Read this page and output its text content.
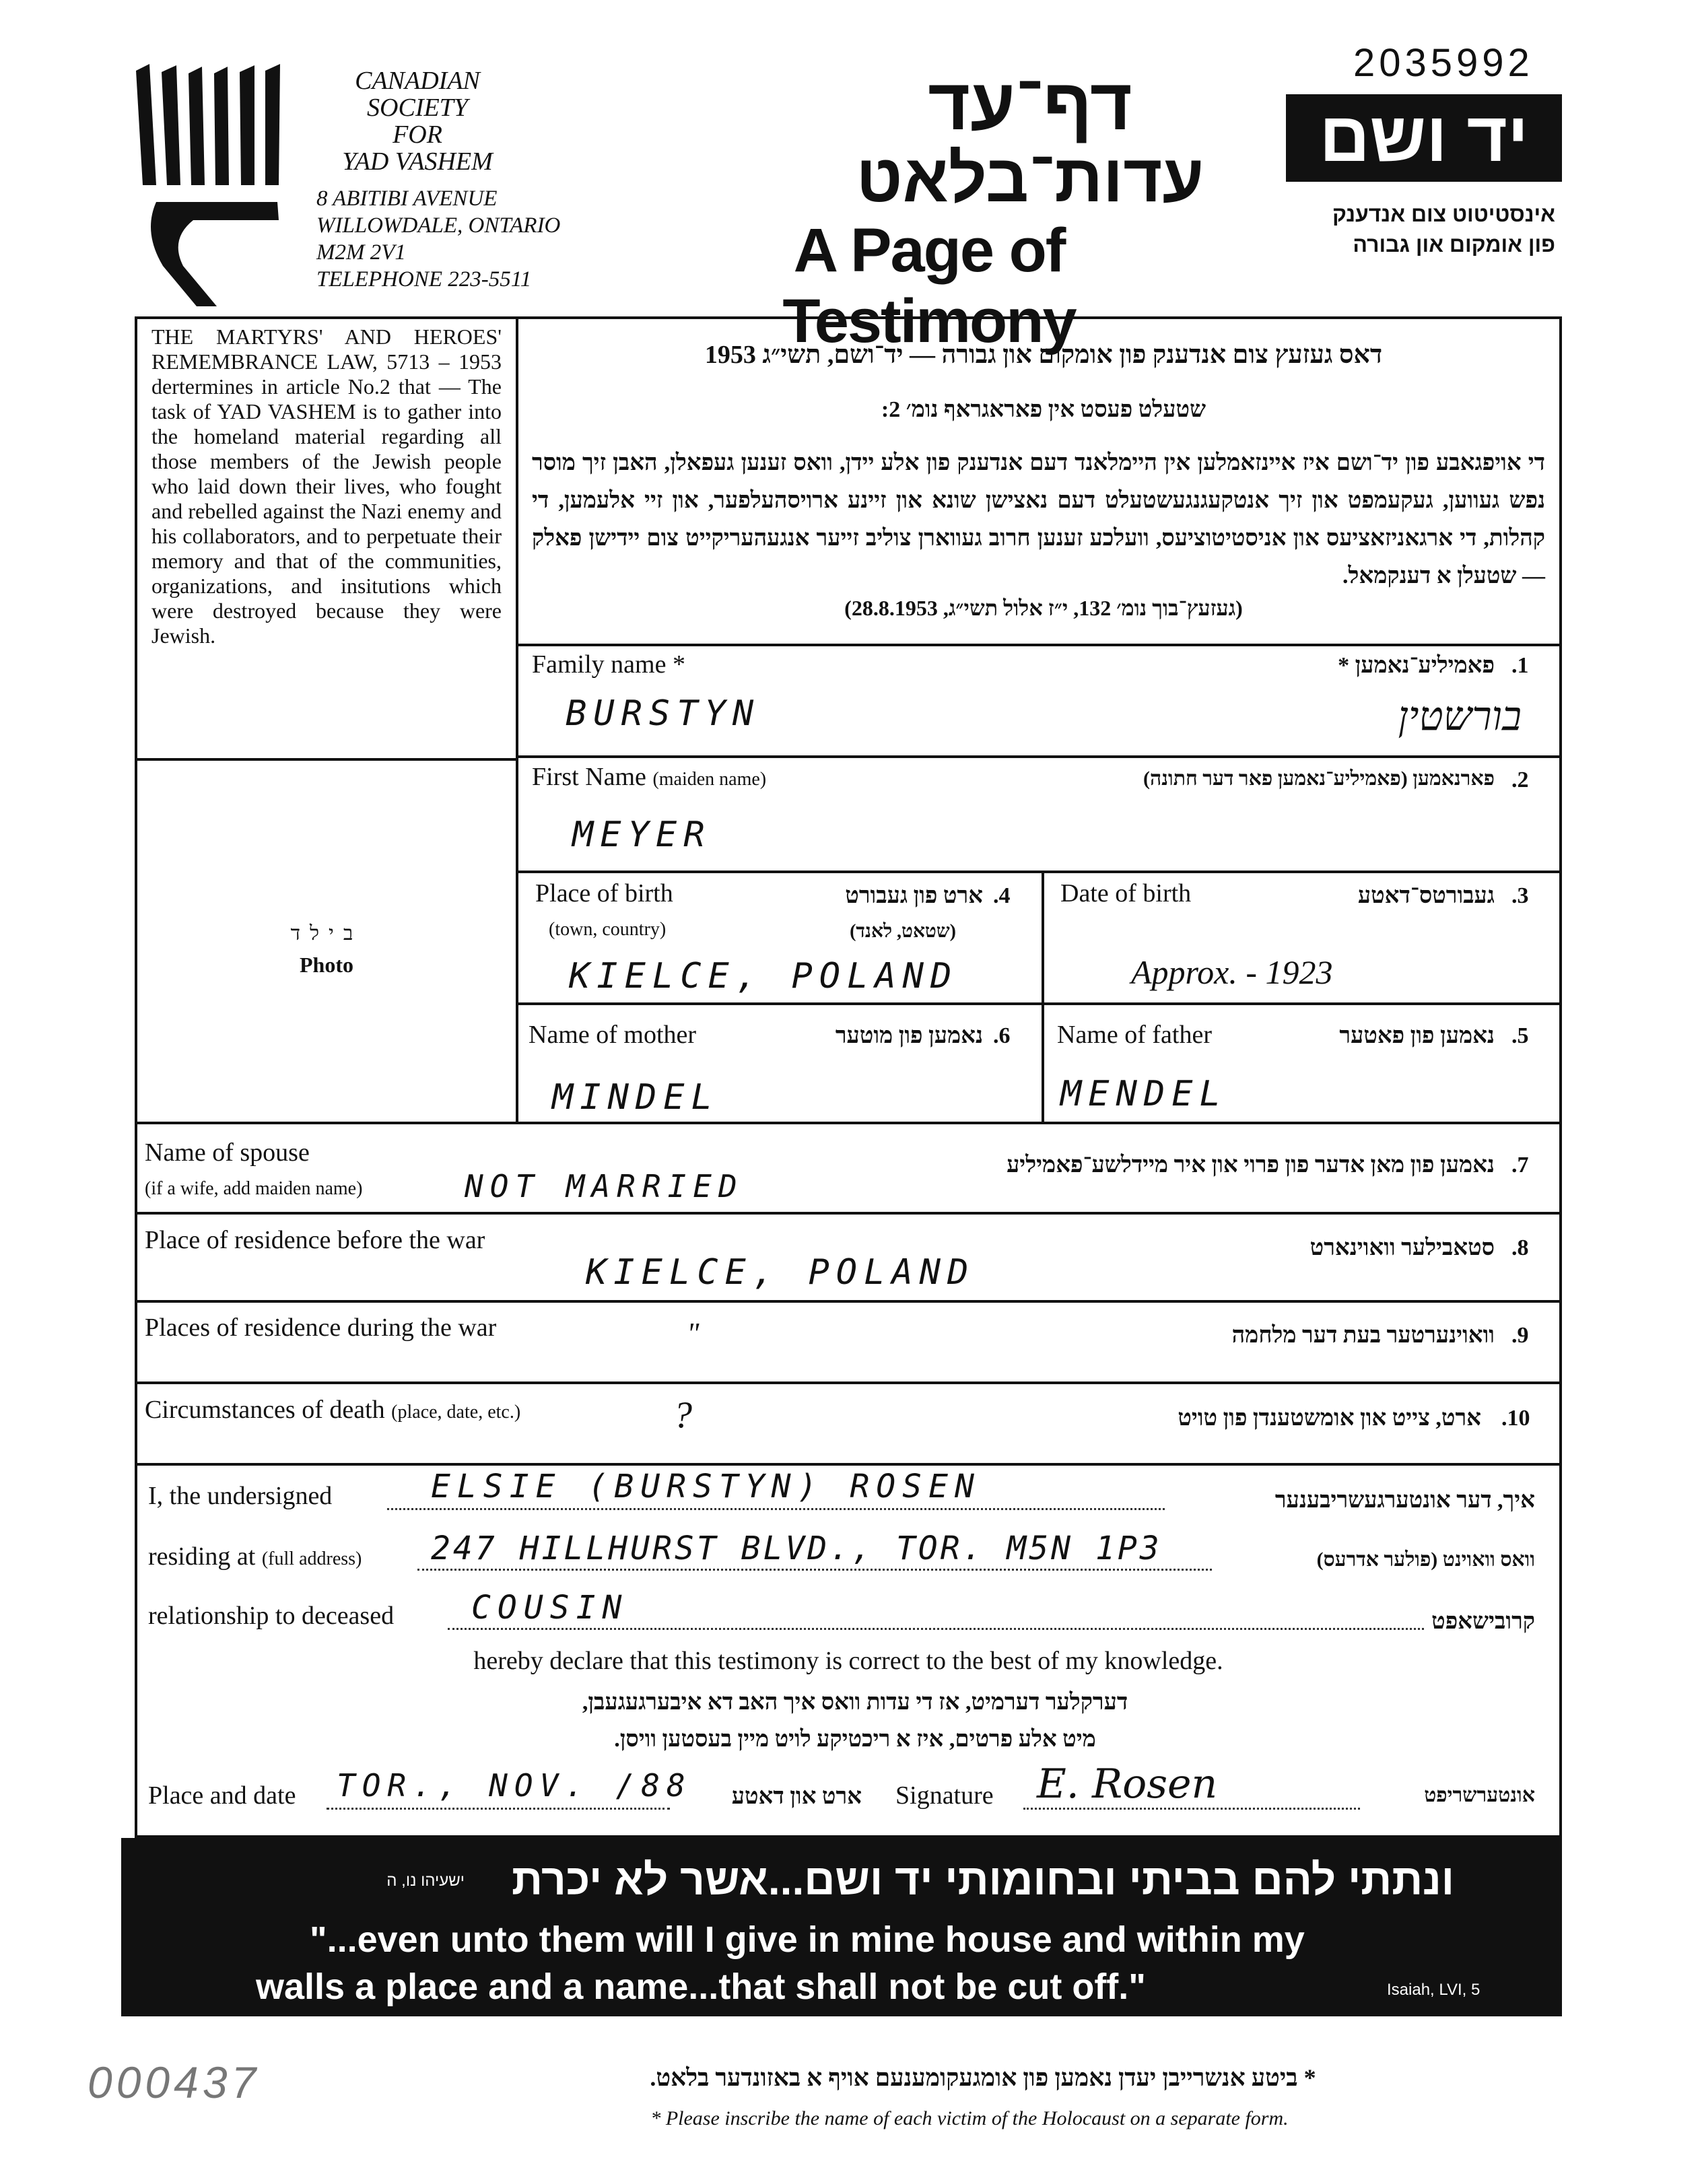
2035992
CANADIAN
SOCIETY
FOR
YAD VASHEM
8 ABITIBI AVENUE
WILLOWDALE, ONTARIO
M2M 2V1
TELEPHONE 223-5511
דף־עד
עדות־בלאט
A Page of Testimony
יד ושם
אינסטיטוט צום אנדענק
פון אומקום און גבורה
THE MARTYRS' AND HEROES' REMEMBRANCE LAW, 5713 – 1953 dertermines in article No.2 that — The task of YAD VASHEM is to gather into the homeland material regarding all those members of the Jewish people who laid down their lives, who fought and rebelled against the Nazi enemy and his collaborators, and to perpetuate their memory and that of the communities, organizations, and insitutions which were destroyed because they were Jewish.
בילד
Photo
דאס געזעץ צום אנדענק פון אומקום און גבורה — יד־ושם, תשי״ג 1953
שטעלט פעסט אין פאראגראף נומ׳ 2:
די אויפגאבע פון יד־ושם איז איינזאמלען אין היימלאנד דעם אנדענק פון אלע יידן, וואס זענען געפאלן, האבן זיך מוסר נפש געווען, געקעמפט און זיך אנטקעגנגעשטעלט דעם נאצישן שונא און זיינע ארויסהעלפער, און זיי אלעמען, די קהלות, די ארגאניזאציעס און אניסטיטוציעס, וועלכע זענען חרוב געווארן צוליב זייער אנגעהעריקייט צום יידישן פאלק — שטעלן א דענקמאל.
(געזעץ־בוך נומ׳ 132, י״ז אלול תשי״ג, 28.8.1953)
Family name *	פאמיליע־נאמען * .1
BURSTYN	בורשטין
First Name (maiden name)	פארנאמען (פאמיליע־נאמען פאר דער חתונה) .2
MEYER
Place of birth
(town, country)
ארט פון געבורט .4
(שטאט, לאנד)
KIELCE, POLAND
Date of birth	געבורטס־דאטע .3
Approx. - 1923
Name of mother	נאמען פון מוטער .6
MINDEL
Name of father	נאמען פון פאטער .5
MENDEL
Name of spouse
(if a wife, add maiden name)
נאמען פון מאן אדער פון פרוי און איר מיידלשע־פאמיליע .7
NOT MARRIED
Place of residence before the war	סטאבילער וואוינארט .8
KIELCE, POLAND
Places of residence during the war	וואוינערטער בעת דער מלחמה .9
"
Circumstances of death (place, date, etc.)	ארט, צייט און אומשטענדן פון טויט .10
?
I, the undersigned	ELSIE (BURSTYN) ROSEN	איך, דער אונטערגעשריבענער
residing at (full address) 247 HILLHURST BLVD., TOR. M5N 1P3	וואס וואוינט (פולער אדרעס)
relationship to deceased COUSIN	קרובישאפט
hereby declare that this testimony is correct to the best of my knowledge.
דערקלער דערמיט, אז די עדות וואס איך האב דא איבערגעגעבן,
מיט אלע פרטים, איז א ריכטיקע לויט מיין בעסטען וויסן.
Place and date TOR., NOV. /88	ארט און דאטע Signature E. Rosen	אונטערשריפט
ונתתי להם בביתי ובחומותי יד ושם...אשר לא יכרת
ישעיהו נו, ה
"...even unto them will I give in mine house and within my
walls a place and a name...that shall not be cut off."	Isaiah, LVI, 5
000437	* ביטע אנשרייבן יעדן נאמען פון אומגעקומענעם אויף א באזונדער בלאט.
* Please inscribe the name of each victim of the Holocaust on a separate form.
